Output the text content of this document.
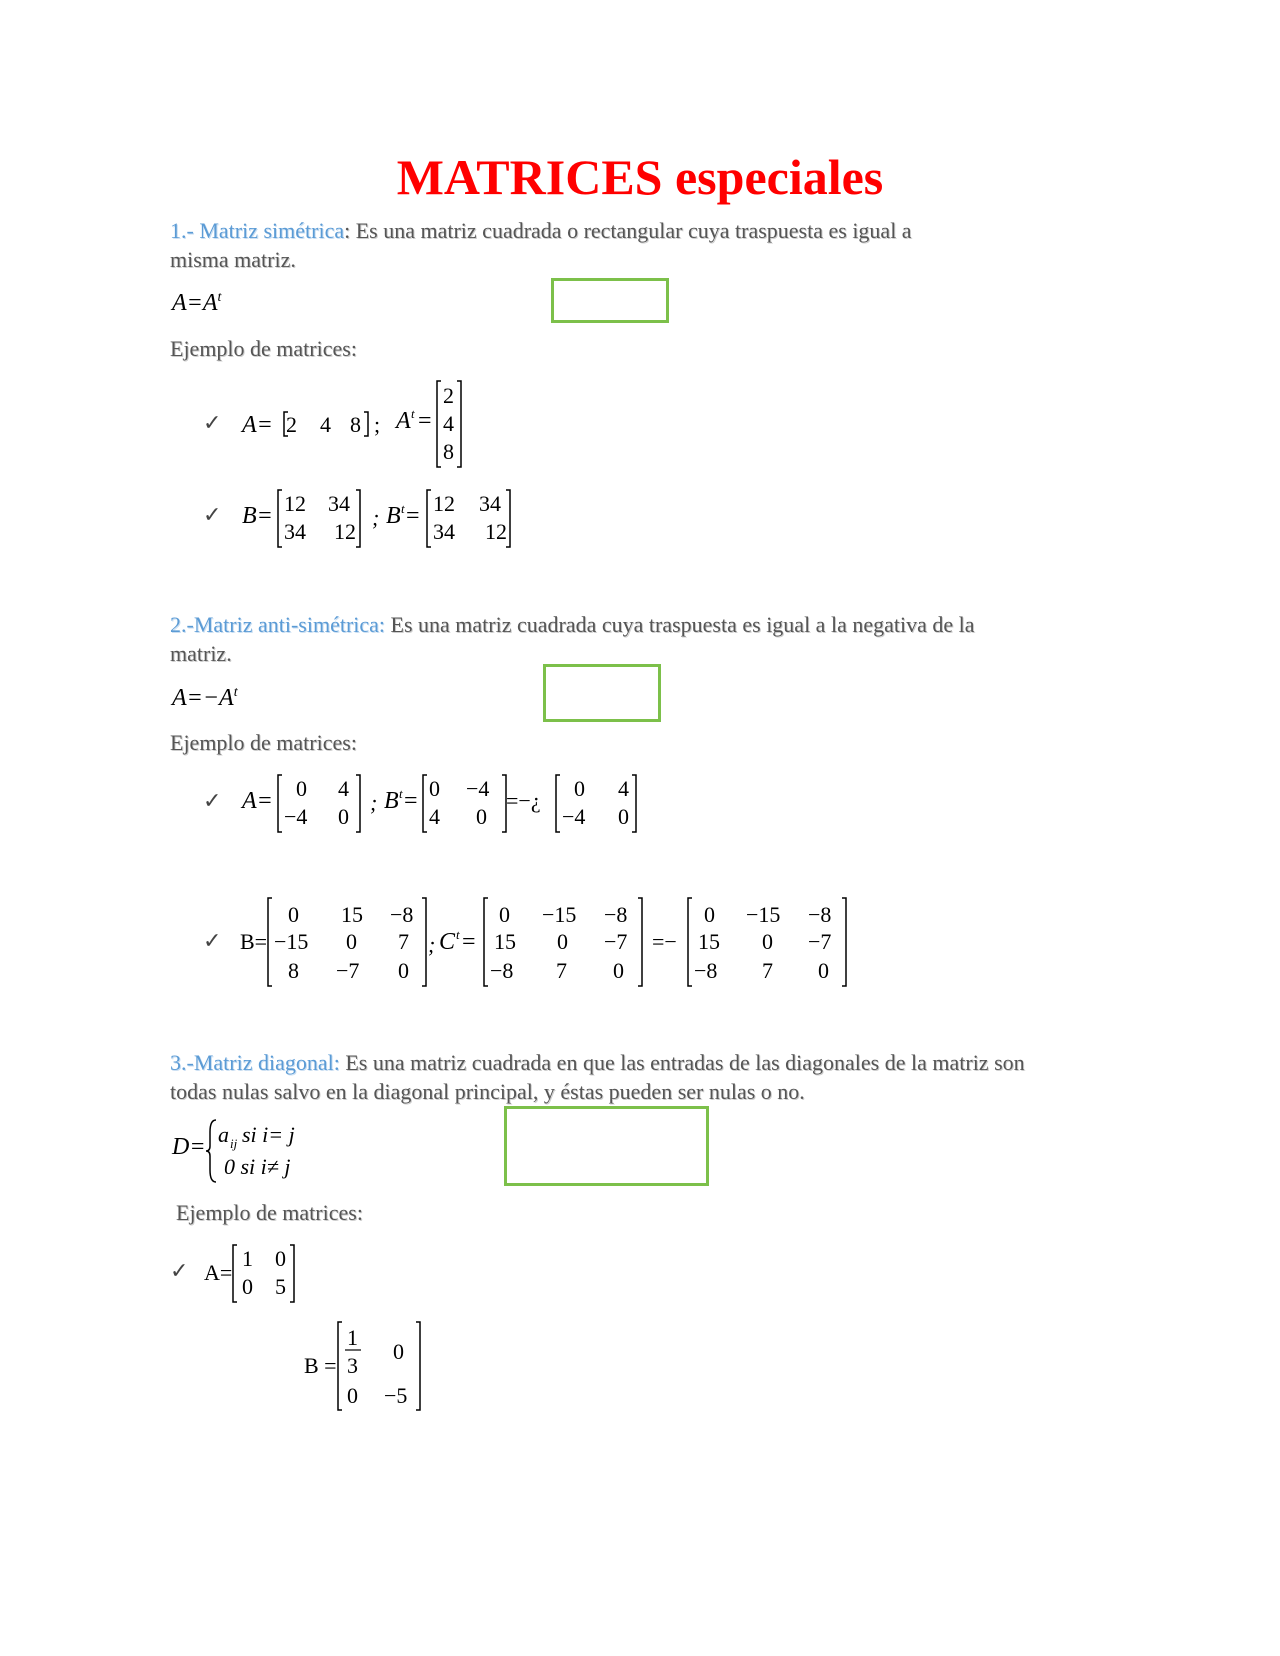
MATRICES especiales
1.- Matriz simétrica: Es una matriz cuadrada o rectangular cuya traspuesta es igual a
misma matriz.
$A=A^t$
Ejemplo de matrices:
✓ A= 2 4 8 ; A t =
2
4
8
✓ B= 12 34
34 12
; B t = 12 34
34 12
2.-Matriz anti-simétrica: Es una matriz cuadrada cuya traspuesta es igual a la negativa de la
matriz.
$A=-A^t$
Ejemplo de matrices:
✓ A= 0 4
−4 0
; B t = 0 −4
4 0
=−¿ 0 4
−4 0
✓ B=
0 15 −8
−15 0 7
8 −7 0
; C t =
0 −15 −8
15 0 −7
−8 7 0
=−
0 −15 −8
15 0 −7
−8 7 0
3.-Matriz diagonal: Es una matriz cuadrada en que las entradas de las diagonales de la matriz son
todas nulas salvo en la diagonal principal, y éstas pueden ser nulas o no.
D= a ij si i= j
0 si i≠ j
Ejemplo de matrices:
✓ A=
1 0
0 5
B =
1
3
0
0 −5
